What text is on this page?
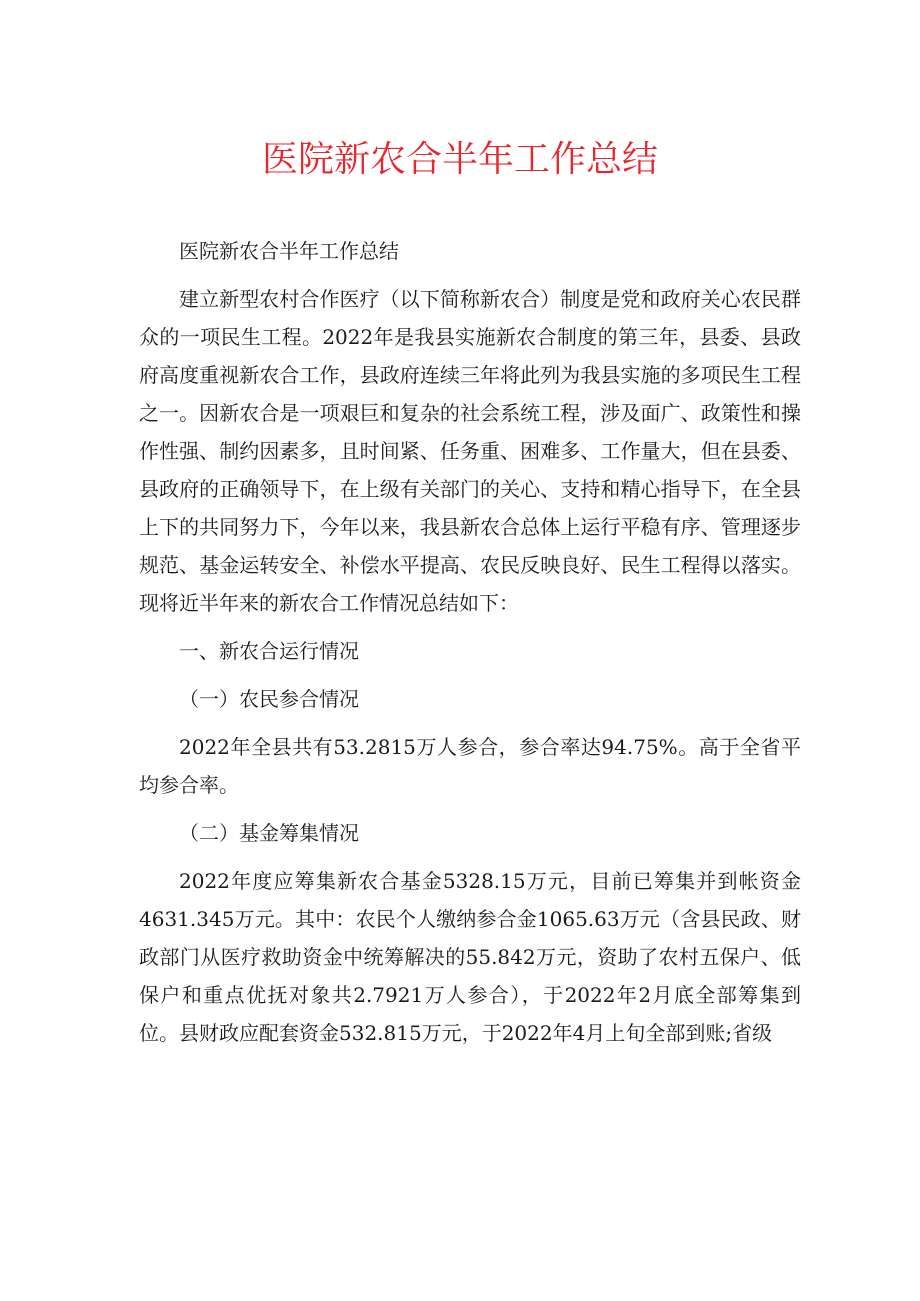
医院新农合半年工作总结

医院新农合半年工作总结

建立新型农村合作医疗（以下简称新农合）制度是党和政府关心农民群众的一项民生工程。2022年是我县实施新农合制度的第三年，县委、县政府高度重视新农合工作，县政府连续三年将此列为我县实施的多项民生工程之一。因新农合是一项艰巨和复杂的社会系统工程，涉及面广、政策性和操作性强、制约因素多，且时间紧、任务重、困难多、工作量大，但在县委、县政府的正确领导下，在上级有关部门的关心、支持和精心指导下，在全县上下的共同努力下，今年以来，我县新农合总体上运行平稳有序、管理逐步规范、基金运转安全、补偿水平提高、农民反映良好、民生工程得以落实。现将近半年来的新农合工作情况总结如下：

一、新农合运行情况

（一）农民参合情况

2022年全县共有53.2815万人参合，参合率达94.75%。高于全省平均参合率。

（二）基金筹集情况

2022年度应筹集新农合基金5328.15万元，目前已筹集并到帐资金4631.345万元。其中：农民个人缴纳参合金1065.63万元（含县民政、财政部门从医疗救助资金中统筹解决的55.842万元，资助了农村五保户、低保户和重点优抚对象共2.7921万人参合），于2022年2月底全部筹集到位。县财政应配套资金532.815万元，于2022年4月上旬全部到账;省级
